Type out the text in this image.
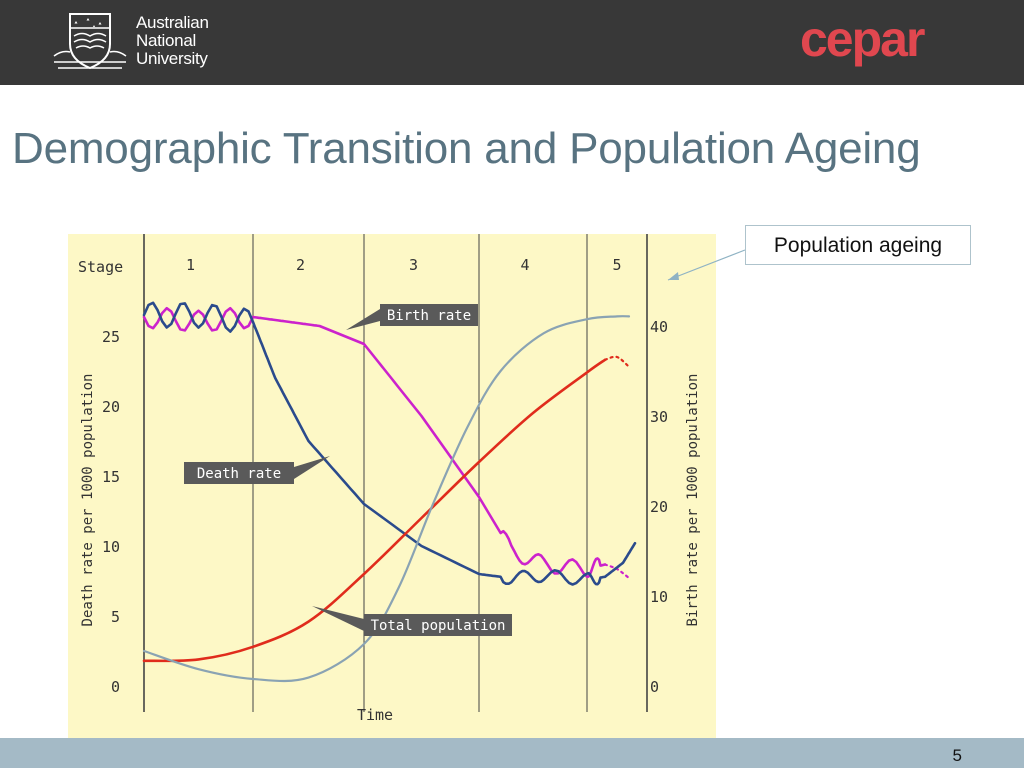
Australian
National
University	cepar
Demographic Transition and Population Ageing
Stage	1	2	3	4	5
0
5
10
15
20
25
0
10
20
30
40
Death rate per 1000 population	Birth rate per 1000 population
Time
Birth rate
Death rate
Total population
Population ageing
5
